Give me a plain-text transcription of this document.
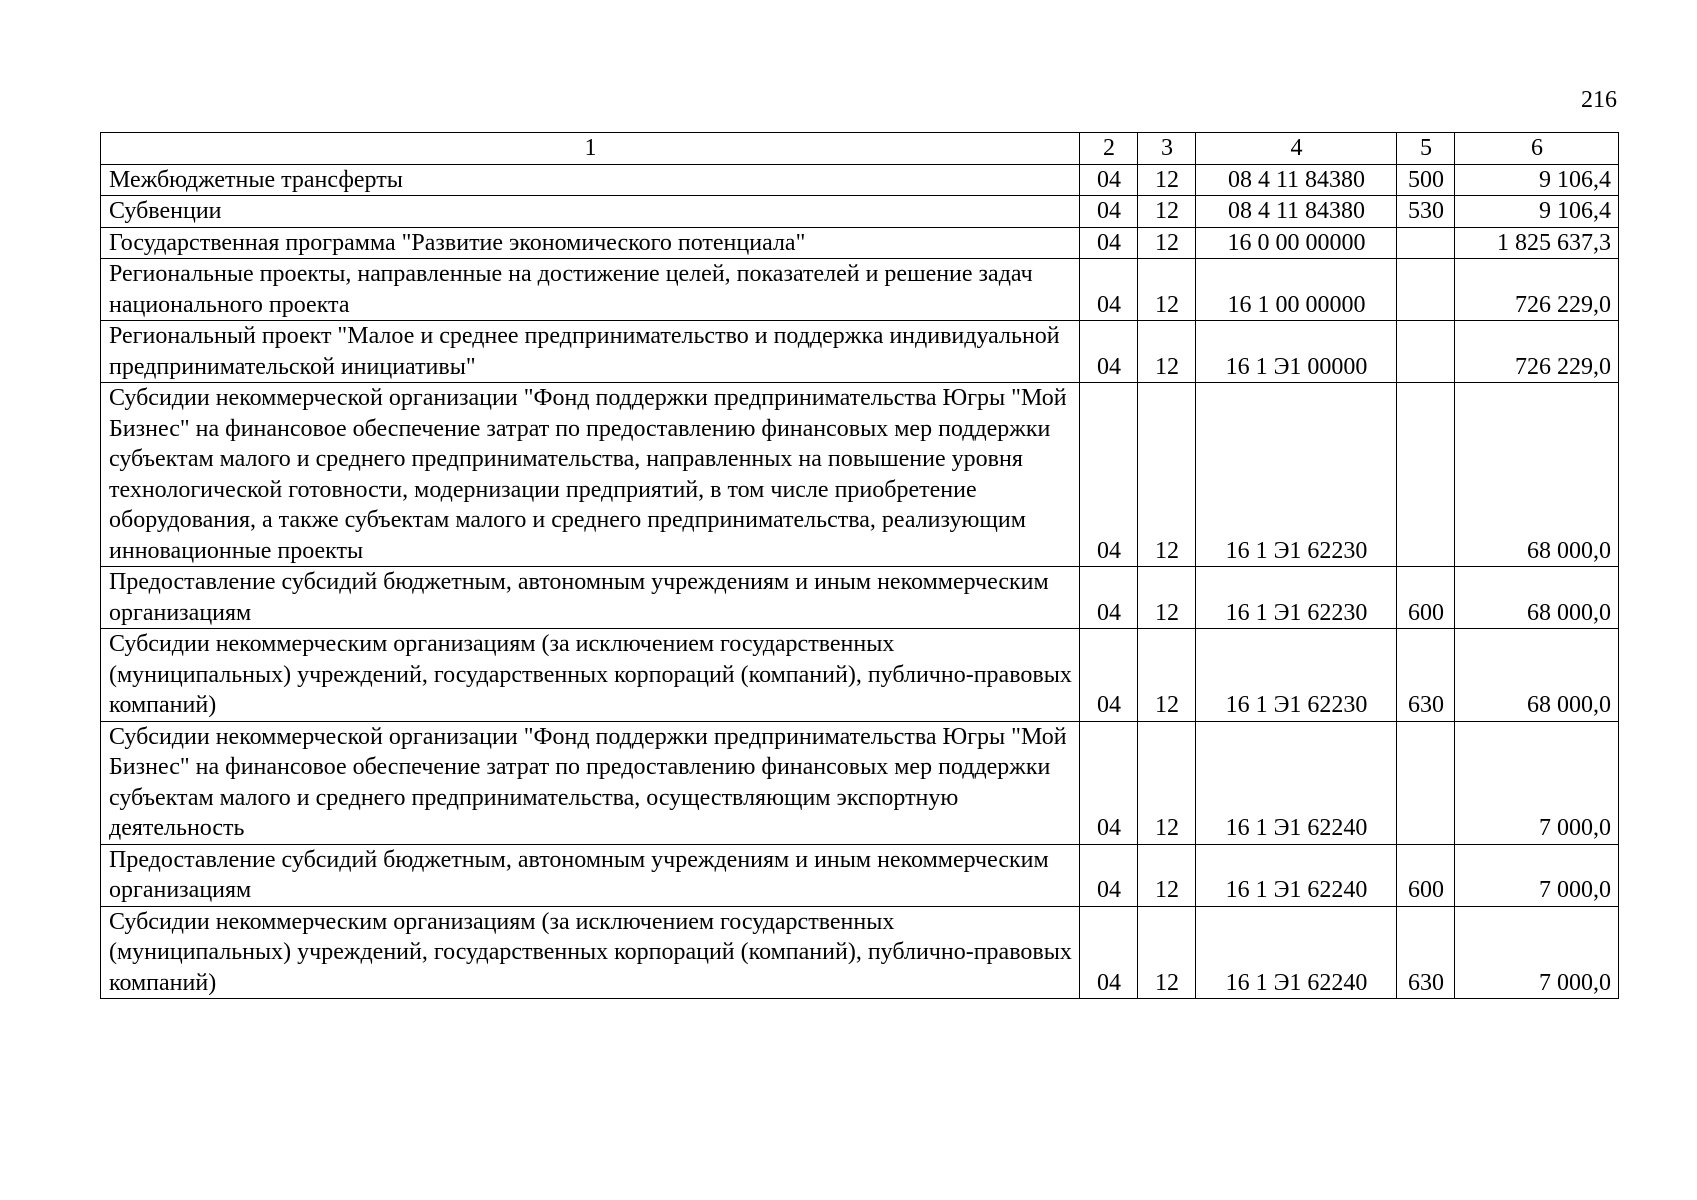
216
1	2	3	4	5	6
Межбюджетные трансферты	04	12	08 4 11 84380	500	9 106,4
Субвенции	04	12	08 4 11 84380	530	9 106,4
Государственная программа "Развитие экономического потенциала"	04	12	16 0 00 00000		1 825 637,3
Региональные проекты, направленные на достижение целей, показателей и решение задач национального проекта	04	12	16 1 00 00000		726 229,0
Региональный проект "Малое и среднее предпринимательство и поддержка индивидуальной предпринимательской инициативы"	04	12	16 1 Э1 00000		726 229,0
Субсидии некоммерческой организации "Фонд поддержки предпринимательства Югры "Мой Бизнес" на финансовое обеспечение затрат по предоставлению финансовых мер поддержки субъектам малого и среднего предпринимательства, направленных на повышение уровня технологической готовности, модернизации предприятий, в том числе приобретение оборудования, а также субъектам малого и среднего предпринимательства, реализующим инновационные проекты	04	12	16 1 Э1 62230		68 000,0
Предоставление субсидий бюджетным, автономным учреждениям и иным некоммерческим организациям	04	12	16 1 Э1 62230	600	68 000,0
Субсидии некоммерческим организациям (за исключением государственных (муниципальных) учреждений, государственных корпораций (компаний), публично-правовых компаний)	04	12	16 1 Э1 62230	630	68 000,0
Субсидии некоммерческой организации "Фонд поддержки предпринимательства Югры "Мой Бизнес" на финансовое обеспечение затрат по предоставлению финансовых мер поддержки субъектам малого и среднего предпринимательства, осуществляющим экспортную деятельность	04	12	16 1 Э1 62240		7 000,0
Предоставление субсидий бюджетным, автономным учреждениям и иным некоммерческим организациям	04	12	16 1 Э1 62240	600	7 000,0
Субсидии некоммерческим организациям (за исключением государственных (муниципальных) учреждений, государственных корпораций (компаний), публично-правовых компаний)	04	12	16 1 Э1 62240	630	7 000,0
